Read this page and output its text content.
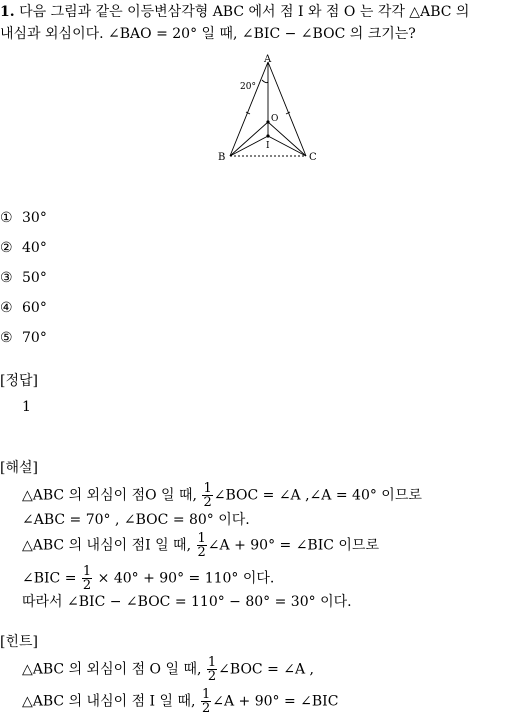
1. 다음 그림과 같은 이등변삼각형 ABC 에서 점 I 와 점 O 는 각각 △ABC 의
내심과 외심이다. ∠BAO = 20° 일 때, ∠BIC − ∠BOC 의 크기는?
A
B	C
O
I
20°
① 30°
② 40°
③ 50°
④ 60°
⑤ 70°
[정답]
1
[해설]
△ABC 의 외심이 점O 일 때, $\frac{1}{2}$ ∠BOC = ∠A ,∠A = 40° 이므로
∠ABC = 70° , ∠BOC = 80° 이다.
△ABC 의 내심이 점I 일 때, $\frac{1}{2}$ ∠A + 90° = ∠BIC 이므로
∠BIC = $\frac{1}{2} \times 40^\circ + 90^\circ = 110^\circ$ 이다.
따라서 ∠BIC − ∠BOC = 110° − 80° = 30° 이다.
[힌트]
△ABC 의 외심이 점 O 일 때, $\frac{1}{2}$ ∠BOC = ∠A ,
△ABC 의 내심이 점 I 일 때, $\frac{1}{2}$ ∠A + 90° = ∠BIC
